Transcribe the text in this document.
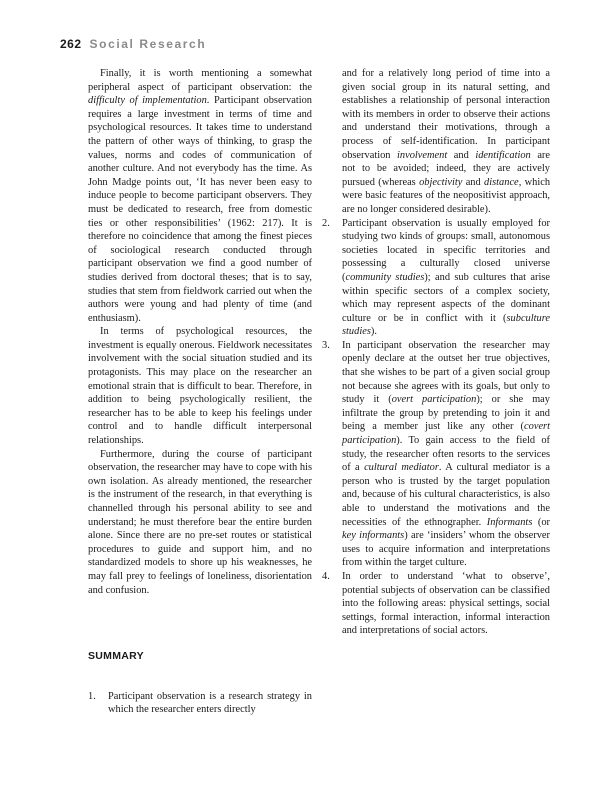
262 Social Research

Finally, it is worth mentioning a somewhat peripheral aspect of participant observation: the difficulty of implementation. Participant observation requires a large investment in terms of time and psychological resources. It takes time to understand the pattern of other ways of thinking, to grasp the values, norms and codes of communication of another culture. And not everybody has the time. As John Madge points out, ‘It has never been easy to induce people to become participant observers. They must be dedicated to research, free from domestic ties or other responsibilities’ (1962: 217). It is therefore no coincidence that among the finest pieces of sociological research conducted through participant observation we find a good number of studies derived from doctoral theses; that is to say, studies that stem from fieldwork carried out when the authors were young and had plenty of time (and enthusiasm).

In terms of psychological resources, the investment is equally onerous. Fieldwork necessitates involvement with the social situation studied and its protagonists. This may place on the researcher an emotional strain that is difficult to bear. Therefore, in addition to being psychologically resilient, the researcher has to be able to keep his feelings under control and to handle difficult interpersonal relationships.

Furthermore, during the course of participant observation, the researcher may have to cope with his own isolation. As already mentioned, the researcher is the instrument of the research, in that everything is channelled through his personal ability to see and understand; he must therefore bear the entire burden alone. Since there are no pre-set routes or statistical procedures to guide and support him, and no standardized models to shore up his weaknesses, he may fall prey to feelings of loneliness, disorientation and confusion.

SUMMARY
1. Participant observation is a research strategy in which the researcher enters directly
and for a relatively long period of time into a given social group in its natural setting, and establishes a relationship of personal interaction with its members in order to observe their actions and understand their motivations, through a process of self-identification. In participant observation involvement and identification are not to be avoided; indeed, they are actively pursued (whereas objectivity and distance, which were basic features of the neopositivist approach, are no longer considered desirable).
2. Participant observation is usually employed for studying two kinds of groups: small, autonomous societies located in specific territories and possessing a culturally closed universe (community studies); and sub cultures that arise within specific sectors of a complex society, which may represent aspects of the dominant culture or be in conflict with it (subculture studies).
3. In participant observation the researcher may openly declare at the outset her true objectives, that she wishes to be part of a given social group not because she agrees with its goals, but only to study it (overt participation); or she may infiltrate the group by pretending to join it and being a member just like any other (covert participation). To gain access to the field of study, the researcher often resorts to the services of a cultural mediator. A cultural mediator is a person who is trusted by the target population and, because of his cultural characteristics, is also able to understand the motivations and the necessities of the ethnographer. Informants (or key informants) are ‘insiders’ whom the observer uses to acquire information and interpretations from within the target culture.
4. In order to understand ‘what to observe’, potential subjects of observation can be classified into the following areas: physical settings, social settings, formal interaction, informal interaction and interpretations of social actors.
